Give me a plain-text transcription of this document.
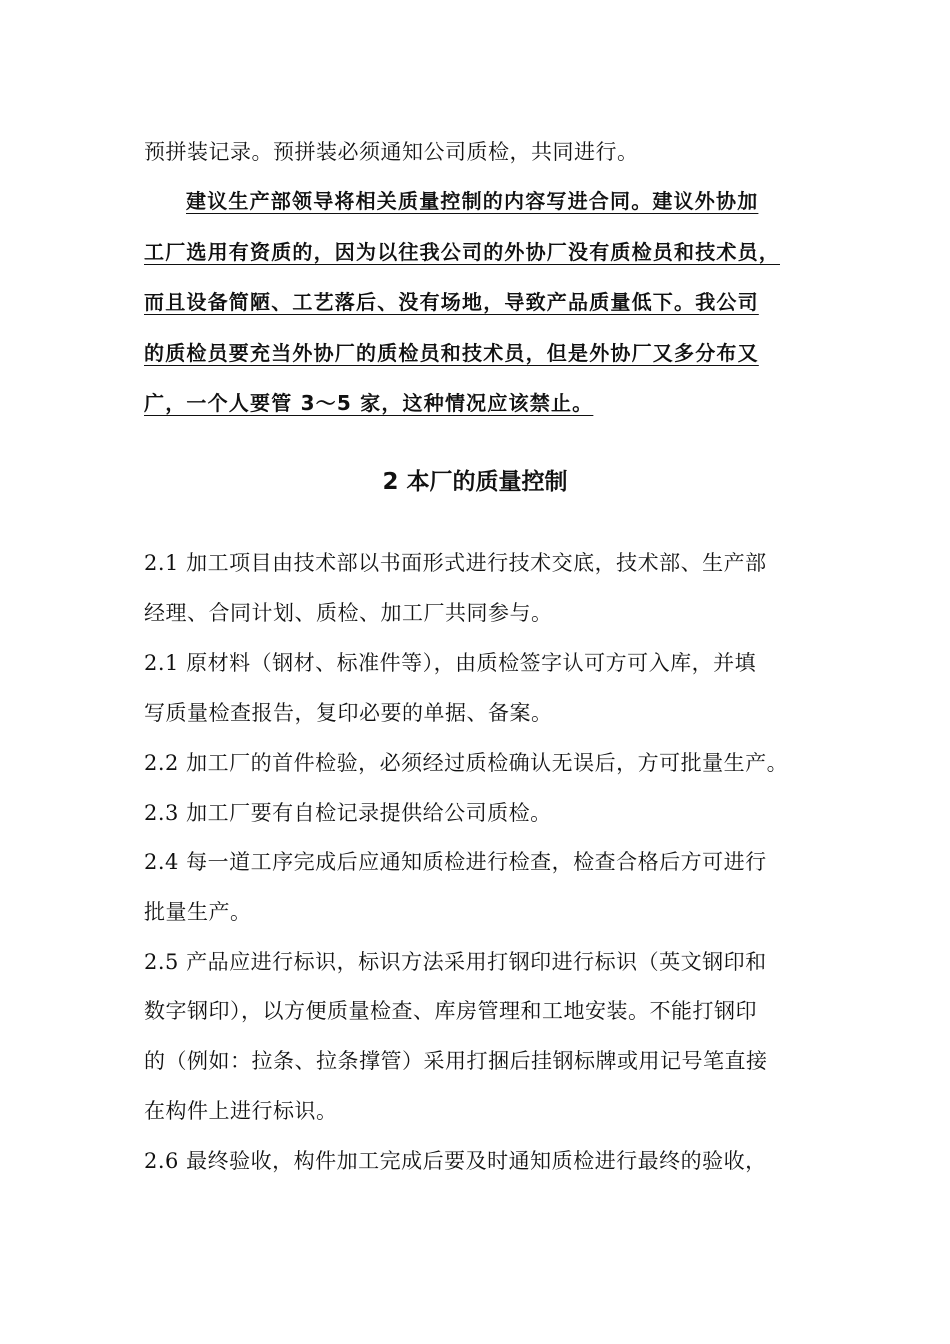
预拼装记录。预拼装必须通知公司质检，共同进行。
建议生产部领导将相关质量控制的内容写进合同。建议外协加
工厂选用有资质的，因为以往我公司的外协厂没有质检员和技术员，
而且设备简陋、工艺落后、没有场地，导致产品质量低下。我公司
的质检员要充当外协厂的质检员和技术员，但是外协厂又多分布又
广，一个人要管 3～5 家，这种情况应该禁止。
2 本厂的质量控制
2.1 加工项目由技术部以书面形式进行技术交底，技术部、生产部
经理、合同计划、质检、加工厂共同参与。
2.1 原材料（钢材、标准件等），由质检签字认可方可入库，并填
写质量检查报告，复印必要的单据、备案。
2.2 加工厂的首件检验，必须经过质检确认无误后，方可批量生产。
2.3 加工厂要有自检记录提供给公司质检。
2.4 每一道工序完成后应通知质检进行检查，检查合格后方可进行
批量生产。
2.5 产品应进行标识，标识方法采用打钢印进行标识（英文钢印和
数字钢印），以方便质量检查、库房管理和工地安装。不能打钢印
的（例如：拉条、拉条撑管）采用打捆后挂钢标牌或用记号笔直接
在构件上进行标识。
2.6 最终验收，构件加工完成后要及时通知质检进行最终的验收，
